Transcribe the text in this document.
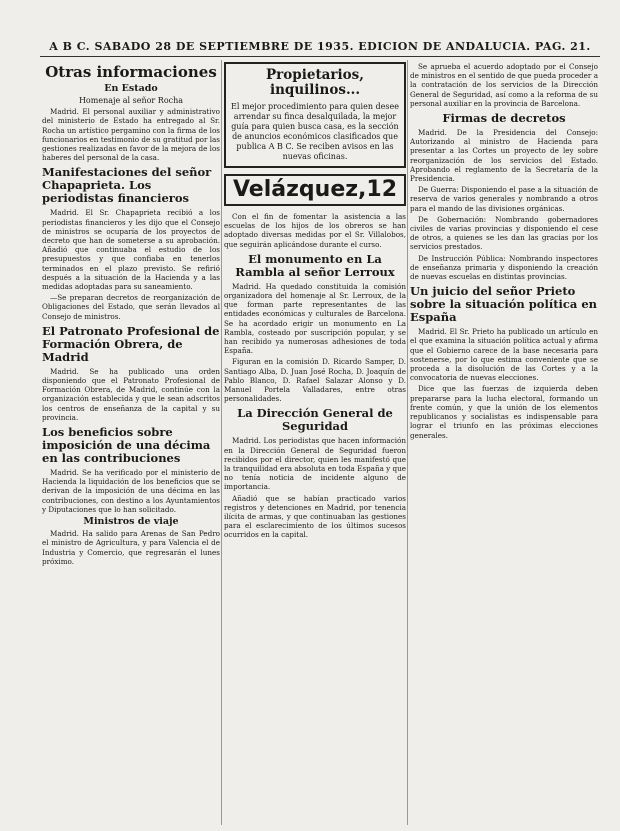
A B C. SABADO 28 DE SEPTIEMBRE DE 1935. EDICION DE ANDALUCIA. PAG. 21.
Otras informaciones
En Estado
Homenaje al señor Rocha

Madrid. El personal auxiliar y administrativo del ministerio de Estado ha entregado al Sr. Rocha un artístico pergamino con la firma de los funcionarios en testimonio de su gratitud por las gestiones realizadas en favor de la mejora de los haberes del personal de la casa.

Manifestaciones del señor Chapaprieta. Los periodistas financieros

Madrid. El Sr. Chapaprieta recibió a los periodistas financieros y les dijo que el Consejo de ministros se ocuparía de los proyectos de decreto que han de someterse a su aprobación. Añadió que continuaba el estudio de los presupuestos y que confiaba en tenerlos terminados en el plazo previsto. Se refirió después a la situación de la Hacienda y a las medidas adoptadas para su saneamiento.

—Se preparan decretos de reorganización de Obligaciones del Estado, que serán llevados al Consejo de ministros.

El Patronato Profesional de Formación Obrera, de Madrid

Madrid. Se ha publicado una orden disponiendo que el Patronato Profesional de Formación Obrera, de Madrid, continúe con la organización establecida y que le sean adscritos los centros de enseñanza de la capital y su provincia.

Los beneficios sobre imposición de una décima en las contribuciones

Madrid. Se ha verificado por el ministerio de Hacienda la liquidación de los beneficios que se derivan de la imposición de una décima en las contribuciones, con destino a los Ayuntamientos y Diputaciones que lo han solicitado.

Ministros de viaje

Madrid. Ha salido para Arenas de San Pedro el ministro de Agricultura, y para Valencia el de Industria y Comercio, que regresarán el lunes próximo.

Propietarios, inquilinos...
El mejor procedimiento para quien desee arrendar su finca desalquilada, la mejor guía para quien busca casa, es la sección de anuncios económicos clasificados que publica A B C. Se reciben avisos en las nuevas oficinas.
Velázquez,12

Con el fin de fomentar la asistencia a las escuelas de los hijos de los obreros se han adoptado diversas medidas por el Sr. Villalobos, que seguirán aplicándose durante el curso.

El monumento en La Rambla al señor Lerroux

Madrid. Ha quedado constituida la comisión organizadora del homenaje al Sr. Lerroux, de la que forman parte representantes de las entidades económicas y culturales de Barcelona. Se ha acordado erigir un monumento en La Rambla, costeado por suscripción popular, y se han recibido ya numerosas adhesiones de toda España.

Figuran en la comisión D. Ricardo Samper, D. Santiago Alba, D. Juan José Rocha, D. Joaquín de Pablo Blanco, D. Rafael Salazar Alonso y D. Manuel Portela Valladares, entre otras personalidades.

La Dirección General de Seguridad

Madrid. Los periodistas que hacen información en la Dirección General de Seguridad fueron recibidos por el director, quien les manifestó que la tranquilidad era absoluta en toda España y que no tenía noticia de incidente alguno de importancia.

Añadió que se habían practicado varios registros y detenciones en Madrid, por tenencia ilícita de armas, y que continuaban las gestiones para el esclarecimiento de los últimos sucesos ocurridos en la capital.

Se aprueba el acuerdo adoptado por el Consejo de ministros en el sentido de que pueda proceder a la contratación de los servicios de la Dirección General de Seguridad, así como a la reforma de su personal auxiliar en la provincia de Barcelona.

Firmas de decretos

Madrid. De la Presidencia del Consejo: Autorizando al ministro de Hacienda para presentar a las Cortes un proyecto de ley sobre reorganización de los servicios del Estado. Aprobando el reglamento de la Secretaría de la Presidencia.

De Guerra: Disponiendo el pase a la situación de reserva de varios generales y nombrando a otros para el mando de las divisiones orgánicas.

De Gobernación: Nombrando gobernadores civiles de varias provincias y disponiendo el cese de otros, a quienes se les dan las gracias por los servicios prestados.

De Instrucción Pública: Nombrando inspectores de enseñanza primaria y disponiendo la creación de nuevas escuelas en distintas provincias.

Un juicio del señor Prieto sobre la situación política en España

Madrid. El Sr. Prieto ha publicado un artículo en el que examina la situación política actual y afirma que el Gobierno carece de la base necesaria para sostenerse, por lo que estima conveniente que se proceda a la disolución de las Cortes y a la convocatoria de nuevas elecciones.

Dice que las fuerzas de izquierda deben prepararse para la lucha electoral, formando un frente común, y que la unión de los elementos republicanos y socialistas es indispensable para lograr el triunfo en las próximas elecciones generales.
